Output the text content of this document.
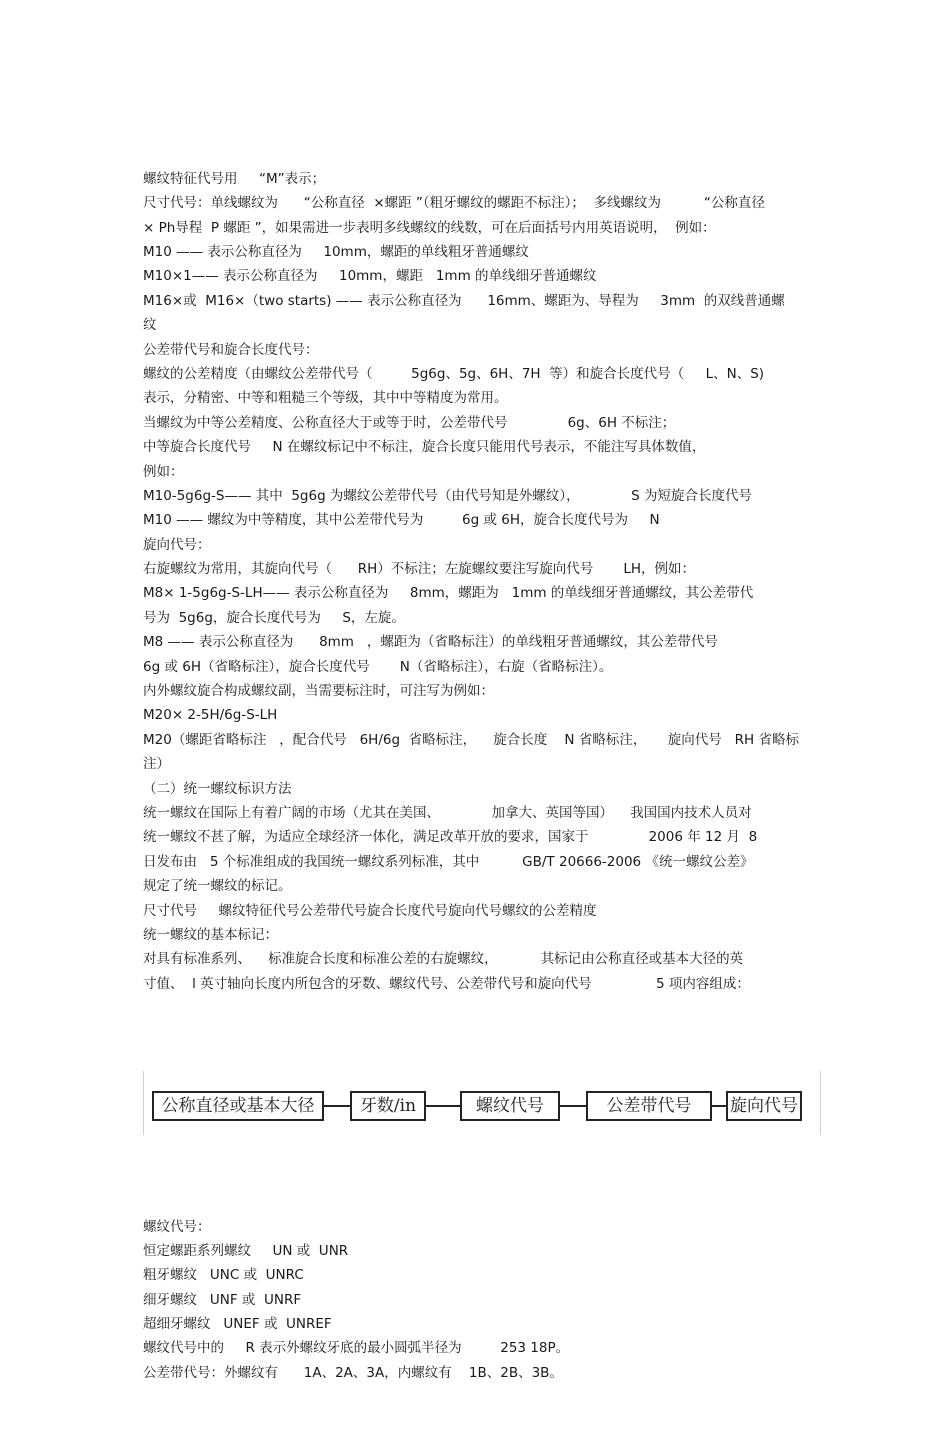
螺纹特征代号用     “M”表示；
尺寸代号：单线螺纹为      “公称直径  ×螺距 ”（粗牙螺纹的螺距不标注）；  多线螺纹为          “公称直径
× Ph导程  P 螺距 ”，如果需进一步表明多线螺纹的线数，可在后面括号内用英语说明，  例如：
M10 —— 表示公称直径为     10mm，螺距的单线粗牙普通螺纹
M10×1—— 表示公称直径为     10mm，螺距   1mm 的单线细牙普通螺纹
M16×或  M16×（two starts) —— 表示公称直径为      16mm、螺距为、导程为     3mm  的双线普通螺
纹
公差带代号和旋合长度代号：
螺纹的公差精度（由螺纹公差带代号（         5g6g、5g、6H、7H  等）和旋合长度代号（     L、N、S)
表示，分精密、中等和粗糙三个等级，其中中等精度为常用。
当螺纹为中等公差精度、公称直径大于或等于时，公差带代号              6g、6H 不标注；
中等旋合长度代号     N 在螺纹标记中不标注，旋合长度只能用代号表示，不能注写具体数值，
例如：
M10-5g6g-S—— 其中  5g6g 为螺纹公差带代号（由代号知是外螺纹），            S 为短旋合长度代号
M10 —— 螺纹为中等精度，其中公差带代号为         6g 或 6H，旋合长度代号为     N
旋向代号：
右旋螺纹为常用，其旋向代号（      RH）不标注；左旋螺纹要注写旋向代号       LH，例如：
M8× 1-5g6g-S-LH—— 表示公称直径为     8mm，螺距为   1mm 的单线细牙普通螺纹，其公差带代
号为  5g6g，旋合长度代号为     S，左旋。
M8 —— 表示公称直径为      8mm   ，螺距为（省略标注）的单线粗牙普通螺纹，其公差带代号
6g 或 6H（省略标注），旋合长度代号       N（省略标注），右旋（省略标注）。
内外螺纹旋合构成螺纹副，当需要标注时，可注写为例如：
M20× 2-5H/6g-S-LH
M20（螺距省略标注   ，配合代号   6H/6g  省略标注，    旋合长度    N 省略标注，     旋向代号   RH 省略标
注）
（二）统一螺纹标识方法
统一螺纹在国际上有着广阔的市场（尤其在美国、            加拿大、英国等国）    我国国内技术人员对
统一螺纹不甚了解，为适应全球经济一体化，满足改革开放的要求，国家于              2006 年 12 月  8
日发布由   5 个标准组成的我国统一螺纹系列标准，其中          GB/T 20666-2006 《统一螺纹公差》
规定了统一螺纹的标记。
尺寸代号     螺纹特征代号公差带代号旋合长度代号旋向代号螺纹的公差精度
统一螺纹的基本标记：
对具有标准系列、    标准旋合长度和标准公差的右旋螺纹，          其标记由公称直径或基本大径的英
寸值、  l 英寸轴向长度内所包含的牙数、螺纹代号、公差带代号和旋向代号               5 项内容组成：

公称直径或基本大径

	牙数/in

	螺纹代号

	公差带代号

	旋向代号

螺纹代号：
恒定螺距系列螺纹     UN 或  UNR
粗牙螺纹   UNC 或  UNRC
细牙螺纹   UNF 或  UNRF
超细牙螺纹   UNEF 或  UNREF
螺纹代号中的     R 表示外螺纹牙底的最小圆弧半径为         253 18P。
公差带代号：外螺纹有      1A、2A、3A，内螺纹有    1B、2B、3B。
